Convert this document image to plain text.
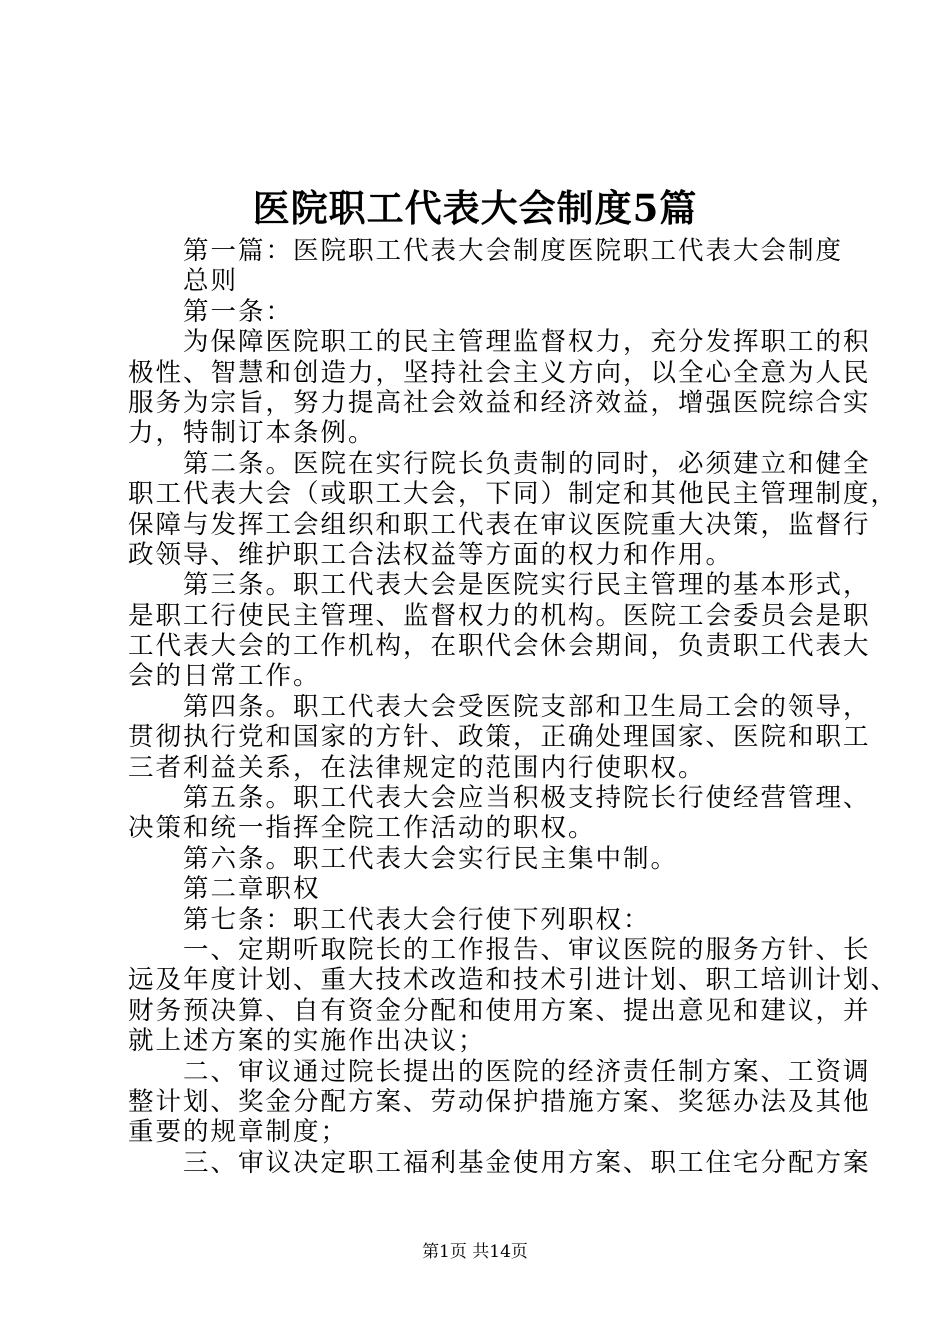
医院职工代表大会制度5篇
第一篇：医院职工代表大会制度医院职工代表大会制度
总则
第一条：
为保障医院职工的民主管理监督权力，充分发挥职工的积
极性、智慧和创造力，坚持社会主义方向，以全心全意为人民
服务为宗旨，努力提高社会效益和经济效益，增强医院综合实
力，特制订本条例。
第二条。医院在实行院长负责制的同时，必须建立和健全
职工代表大会（或职工大会，下同）制定和其他民主管理制度，
保障与发挥工会组织和职工代表在审议医院重大决策，监督行
政领导、维护职工合法权益等方面的权力和作用。
第三条。职工代表大会是医院实行民主管理的基本形式，
是职工行使民主管理、监督权力的机构。医院工会委员会是职
工代表大会的工作机构，在职代会休会期间，负责职工代表大
会的日常工作。
第四条。职工代表大会受医院支部和卫生局工会的领导，
贯彻执行党和国家的方针、政策，正确处理国家、医院和职工
三者利益关系，在法律规定的范围内行使职权。
第五条。职工代表大会应当积极支持院长行使经营管理、
决策和统一指挥全院工作活动的职权。
第六条。职工代表大会实行民主集中制。
第二章职权
第七条：职工代表大会行使下列职权：
一、定期听取院长的工作报告、审议医院的服务方针、长
远及年度计划、重大技术改造和技术引进计划、职工培训计划、
财务预决算、自有资金分配和使用方案、提出意见和建议，并
就上述方案的实施作出决议；
二、审议通过院长提出的医院的经济责任制方案、工资调
整计划、奖金分配方案、劳动保护措施方案、奖惩办法及其他
重要的规章制度；
三、审议决定职工福利基金使用方案、职工住宅分配方案
第1页 共14页
